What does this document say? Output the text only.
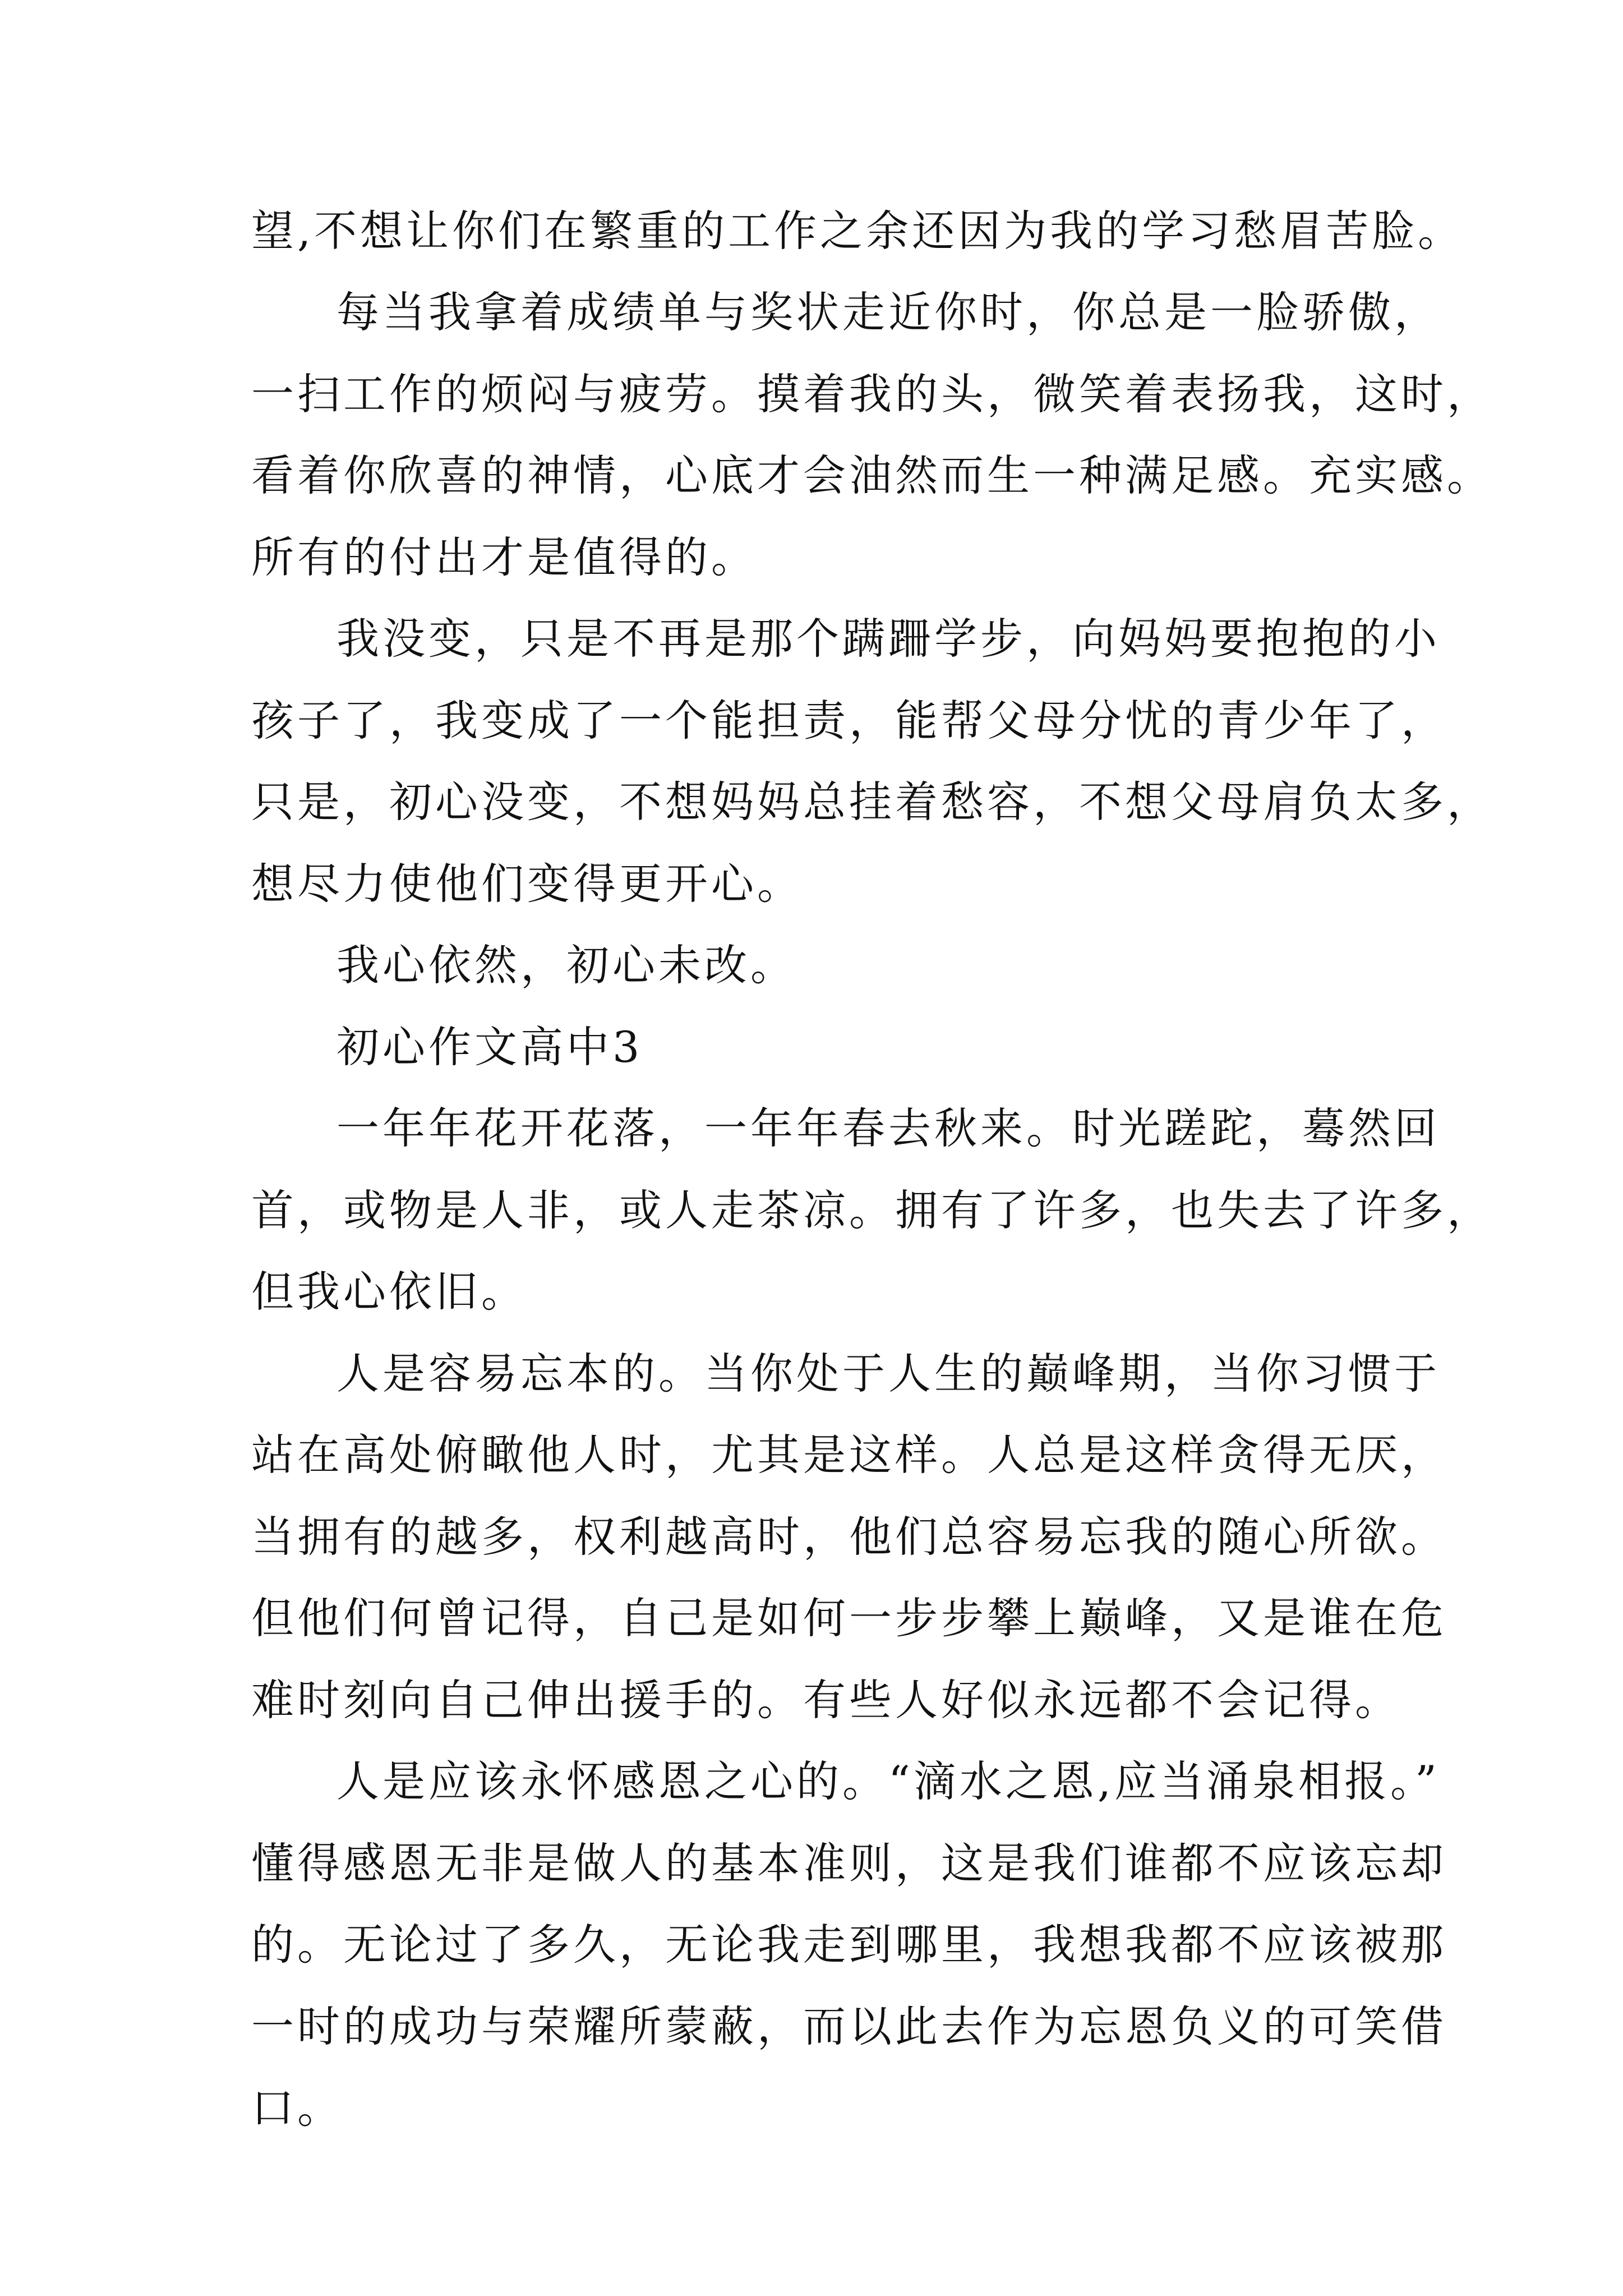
望,不想让你们在繁重的工作之余还因为我的学习愁眉苦脸。
每当我拿着成绩单与奖状走近你时，你总是一脸骄傲，
一扫工作的烦闷与疲劳。摸着我的头，微笑着表扬我，这时，
看着你欣喜的神情，心底才会油然而生一种满足感。充实感。
所有的付出才是值得的。
我没变，只是不再是那个蹒跚学步，向妈妈要抱抱的小
孩子了，我变成了一个能担责，能帮父母分忧的青少年了，
只是，初心没变，不想妈妈总挂着愁容，不想父母肩负太多，
想尽力使他们变得更开心。
我心依然，初心未改。
初心作文高中3
一年年花开花落，一年年春去秋来。时光蹉跎，蓦然回
首，或物是人非，或人走茶凉。拥有了许多，也失去了许多，
但我心依旧。
人是容易忘本的。当你处于人生的巅峰期，当你习惯于
站在高处俯瞰他人时，尤其是这样。人总是这样贪得无厌，
当拥有的越多，权利越高时，他们总容易忘我的随心所欲。
但他们何曾记得，自己是如何一步步攀上巅峰，又是谁在危
难时刻向自己伸出援手的。有些人好似永远都不会记得。
人是应该永怀感恩之心的。“滴水之恩,应当涌泉相报。”
懂得感恩无非是做人的基本准则，这是我们谁都不应该忘却
的。无论过了多久，无论我走到哪里，我想我都不应该被那
一时的成功与荣耀所蒙蔽，而以此去作为忘恩负义的可笑借
口。
